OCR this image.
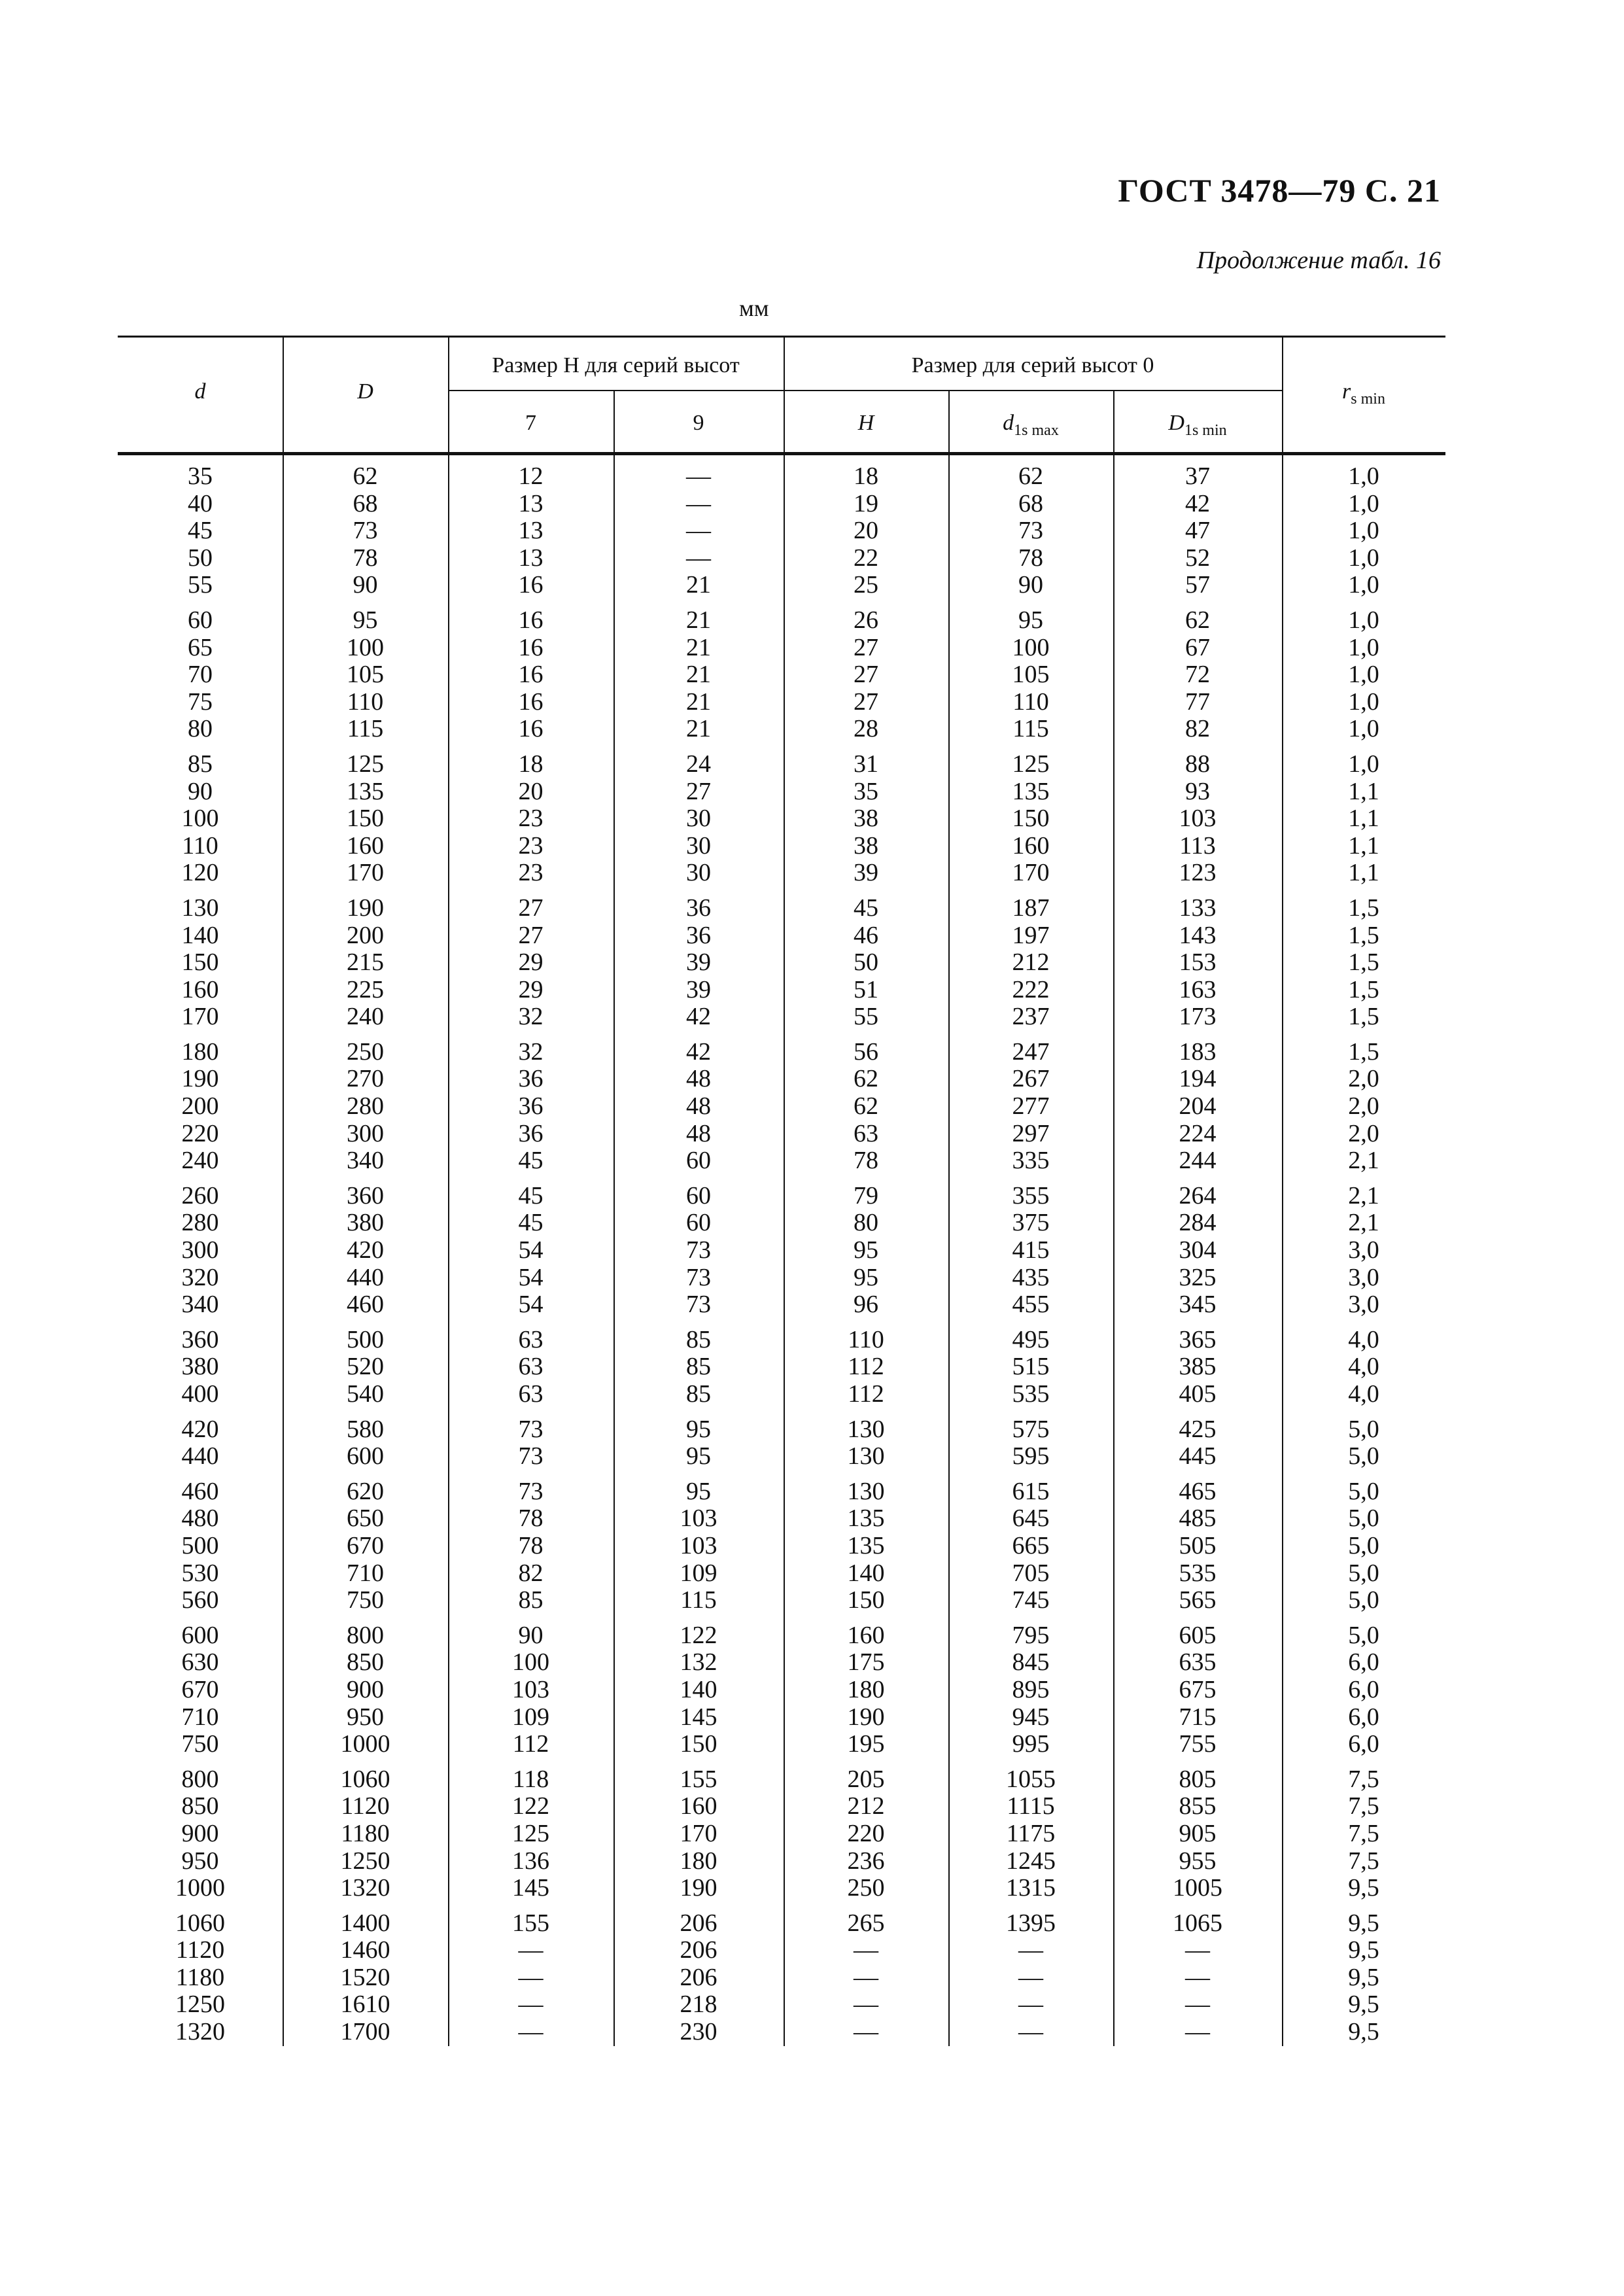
ГОСТ 3478—79 С. 21
Продолжение табл. 16
мм
d	D
Размер H для серий высот
7	9
Размер для серий высот 0
H	$d_{1s max}$	$D_{1s min}$
$r_{s min}$
35	62	12	—	18	62	37	1,0
40	68	13	—	19	68	42	1,0
45	73	13	—	20	73	47	1,0
50	78	13	—	22	78	52	1,0
55	90	16	21	25	90	57	1,0
60	95	16	21	26	95	62	1,0
65	100	16	21	27	100	67	1,0
70	105	16	21	27	105	72	1,0
75	110	16	21	27	110	77	1,0
80	115	16	21	28	115	82	1,0
85	125	18	24	31	125	88	1,0
90	135	20	27	35	135	93	1,1
100	150	23	30	38	150	103	1,1
110	160	23	30	38	160	113	1,1
120	170	23	30	39	170	123	1,1
130	190	27	36	45	187	133	1,5
140	200	27	36	46	197	143	1,5
150	215	29	39	50	212	153	1,5
160	225	29	39	51	222	163	1,5
170	240	32	42	55	237	173	1,5
180	250	32	42	56	247	183	1,5
190	270	36	48	62	267	194	2,0
200	280	36	48	62	277	204	2,0
220	300	36	48	63	297	224	2,0
240	340	45	60	78	335	244	2,1
260	360	45	60	79	355	264	2,1
280	380	45	60	80	375	284	2,1
300	420	54	73	95	415	304	3,0
320	440	54	73	95	435	325	3,0
340	460	54	73	96	455	345	3,0
360	500	63	85	110	495	365	4,0
380	520	63	85	112	515	385	4,0
400	540	63	85	112	535	405	4,0
420	580	73	95	130	575	425	5,0
440	600	73	95	130	595	445	5,0
460	620	73	95	130	615	465	5,0
480	650	78	103	135	645	485	5,0
500	670	78	103	135	665	505	5,0
530	710	82	109	140	705	535	5,0
560	750	85	115	150	745	565	5,0
600	800	90	122	160	795	605	5,0
630	850	100	132	175	845	635	6,0
670	900	103	140	180	895	675	6,0
710	950	109	145	190	945	715	6,0
750	1000	112	150	195	995	755	6,0
800	1060	118	155	205	1055	805	7,5
850	1120	122	160	212	1115	855	7,5
900	1180	125	170	220	1175	905	7,5
950	1250	136	180	236	1245	955	7,5
1000	1320	145	190	250	1315	1005	9,5
1060	1400	155	206	265	1395	1065	9,5
1120	1460	—	206	—	—	—	9,5
1180	1520	—	206	—	—	—	9,5
1250	1610	—	218	—	—	—	9,5
1320	1700	—	230	—	—	—	9,5
